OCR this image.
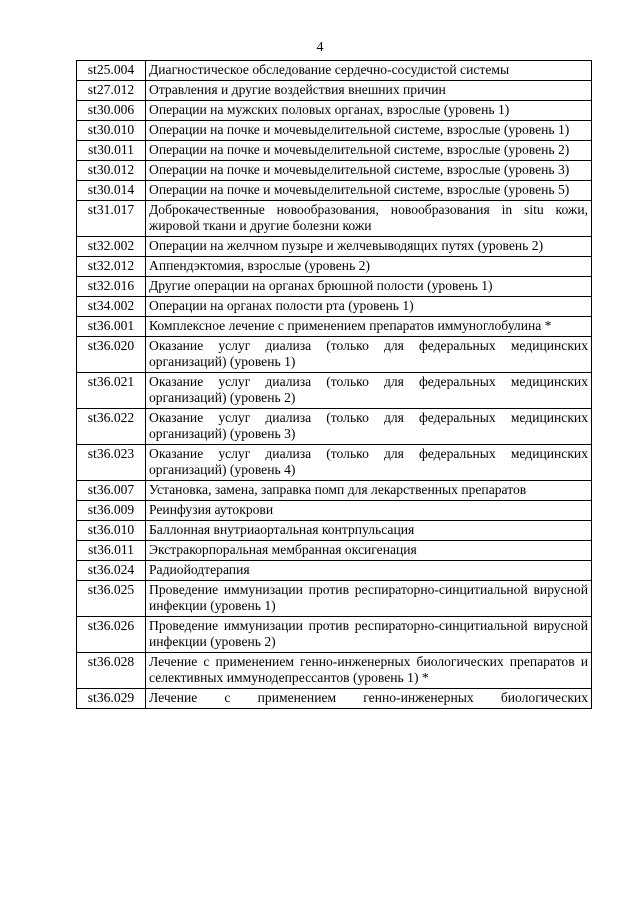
4
st25.004	Диагностическое обследование сердечно-сосудистой системы
st27.012	Отравления и другие воздействия внешних причин
st30.006	Операции на мужских половых органах, взрослые (уровень 1)
st30.010	Операции на почке и мочевыделительной системе, взрослые (уровень 1)
st30.011	Операции на почке и мочевыделительной системе, взрослые (уровень 2)
st30.012	Операции на почке и мочевыделительной системе, взрослые (уровень 3)
st30.014	Операции на почке и мочевыделительной системе, взрослые (уровень 5)
st31.017	Доброкачественные новообразования, новообразования in situ кожи, жировой ткани и другие болезни кожи
st32.002	Операции на желчном пузыре и желчевыводящих путях (уровень 2)
st32.012	Аппендэктомия, взрослые (уровень 2)
st32.016	Другие операции на органах брюшной полости (уровень 1)
st34.002	Операции на органах полости рта (уровень 1)
st36.001	Комплексное лечение с применением препаратов иммуноглобулина *
st36.020	Оказание услуг диализа (только для федеральных медицинских организаций) (уровень 1)
st36.021	Оказание услуг диализа (только для федеральных медицинских организаций) (уровень 2)
st36.022	Оказание услуг диализа (только для федеральных медицинских организаций) (уровень 3)
st36.023	Оказание услуг диализа (только для федеральных медицинских организаций) (уровень 4)
st36.007	Установка, замена, заправка помп для лекарственных препаратов
st36.009	Реинфузия аутокрови
st36.010	Баллонная внутриаортальная контрпульсация
st36.011	Экстракорпоральная мембранная оксигенация
st36.024	Радиойодтерапия
st36.025	Проведение иммунизации против респираторно-синцитиальной вирусной инфекции (уровень 1)
st36.026	Проведение иммунизации против респираторно-синцитиальной вирусной инфекции (уровень 2)
st36.028	Лечение с применением генно-инженерных биологических препаратов и селективных иммунодепрессантов (уровень 1) *
st36.029	Лечение с применением генно-инженерных биологических
